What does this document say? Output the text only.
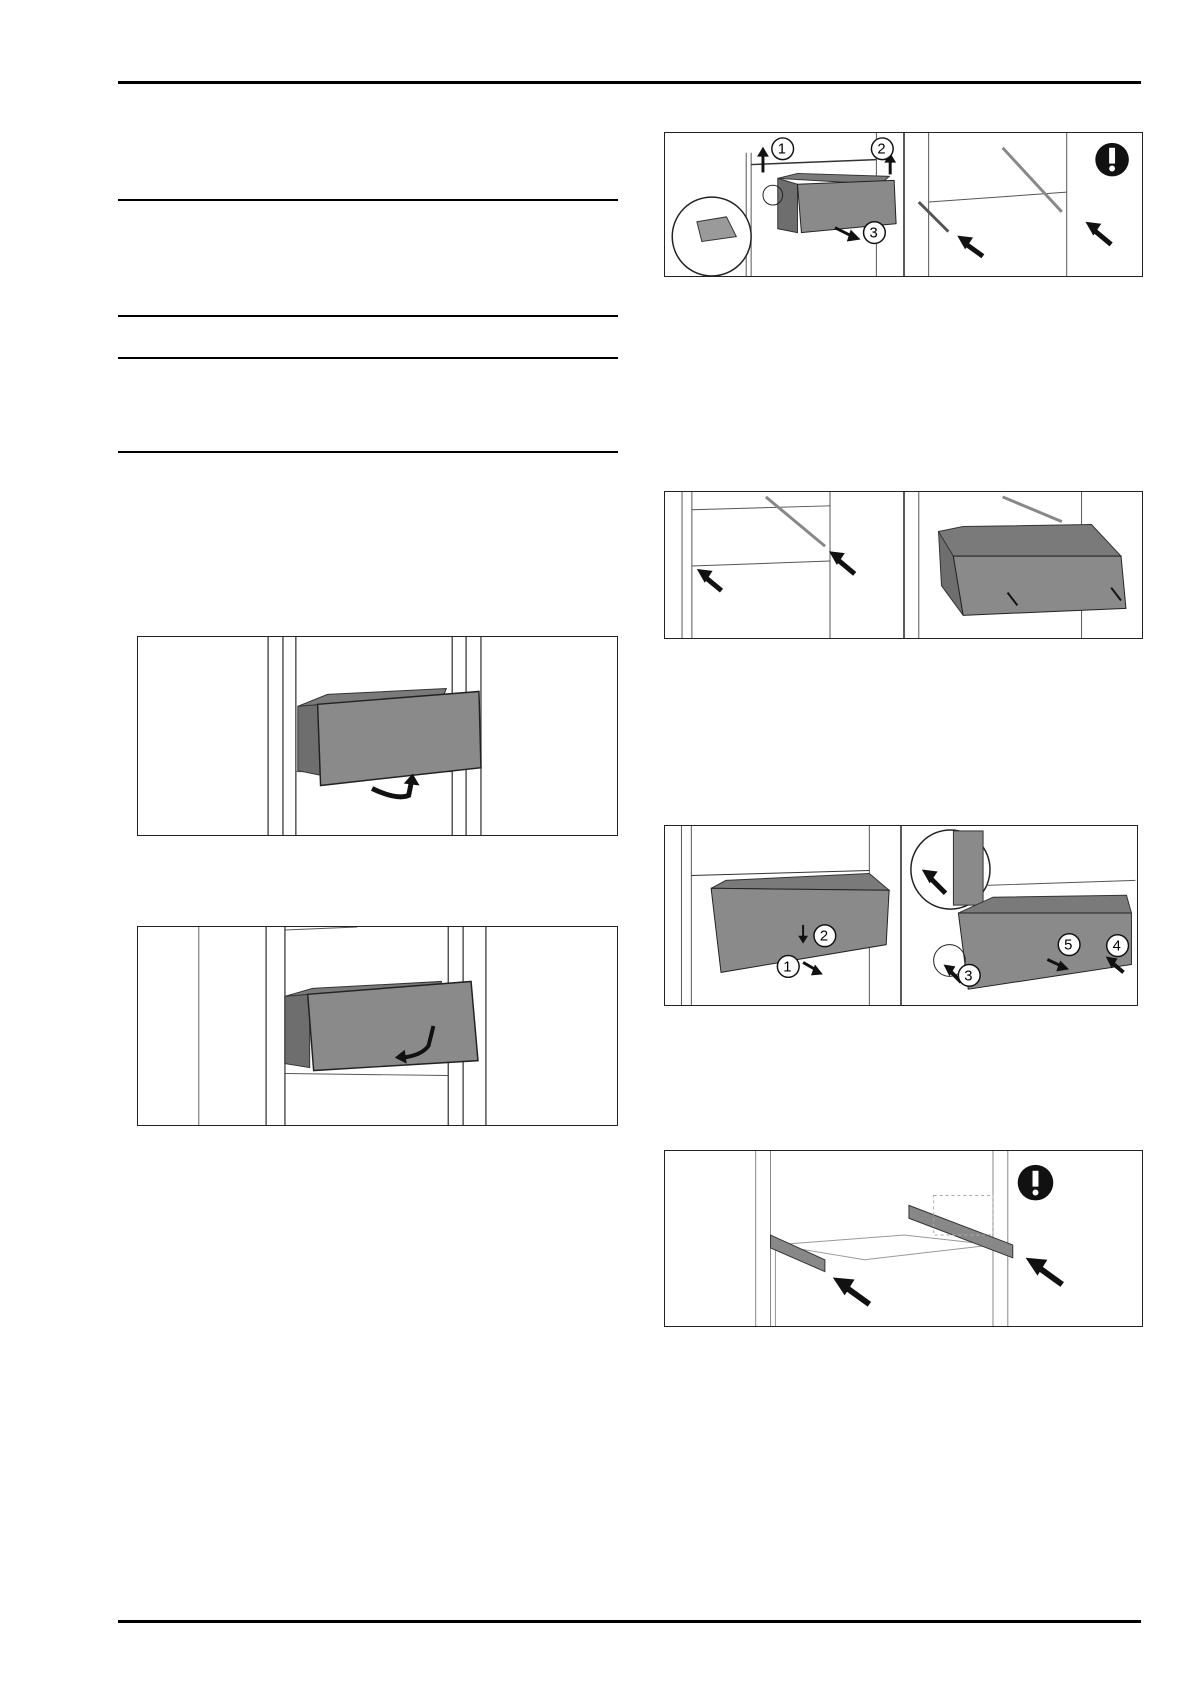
1	2
3
2
1
3
5	4
